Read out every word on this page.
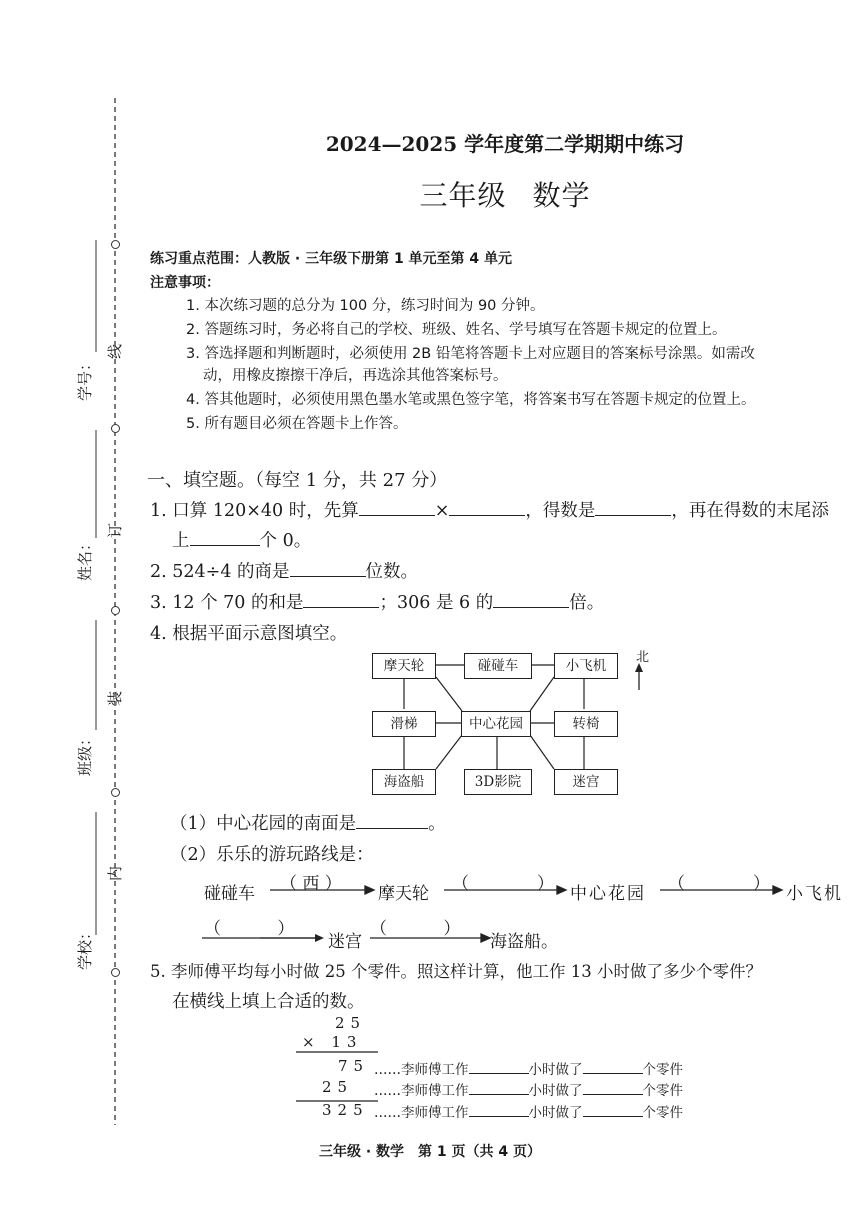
学号：
姓名：
班级：
学校：
线
订
装
内
2024—2025 学年度第二学期期中练习
三年级 数学
练习重点范围：人教版 · 三年级下册第 1 单元至第 4 单元
注意事项：
1. 本次练习题的总分为 100 分，练习时间为 90 分钟。
2. 答题练习时，务必将自己的学校、班级、姓名、学号填写在答题卡规定的位置上。
3. 答选择题和判断题时，必须使用 2B 铅笔将答题卡上对应题目的答案标号涂黑。如需改
动，用橡皮擦擦干净后，再选涂其他答案标号。
4. 答其他题时，必须使用黑色墨水笔或黑色签字笔，将答案书写在答题卡规定的位置上。
5. 所有题目必须在答题卡上作答。
一、填空题。（每空 1 分，共 27 分）
1. 口算 120×40 时，先算	×	，得数是	，再在得数的末尾添
上	个 0。
2. 524÷4 的商是	位数。
3. 12 个 70 的和是	；306 是 6 的	倍。
4. 根据平面示意图填空。
摩天轮	碰碰车	小飞机
滑梯	中心花园	转椅
海盗船	3D影院	迷宫
北
（1）中心花园的南面是	。
（2）乐乐的游玩路线是：
碰碰车 （ 西 ） 摩天轮 （　　　　） 中心花园 （　　　　） 小飞机
（　　　 ）
迷宫
（　　　 ）
海盗船。
5. 李师傅平均每小时做 25 个零件。照这样计算，他工作 13 小时做了多少个零件？
在横线上填上合适的数。
25
× 13
75
25
325
……李师傅工作	小时做了	个零件
……李师傅工作	小时做了	个零件
……李师傅工作	小时做了	个零件
三年级 · 数学　第 1 页（共 4 页）
